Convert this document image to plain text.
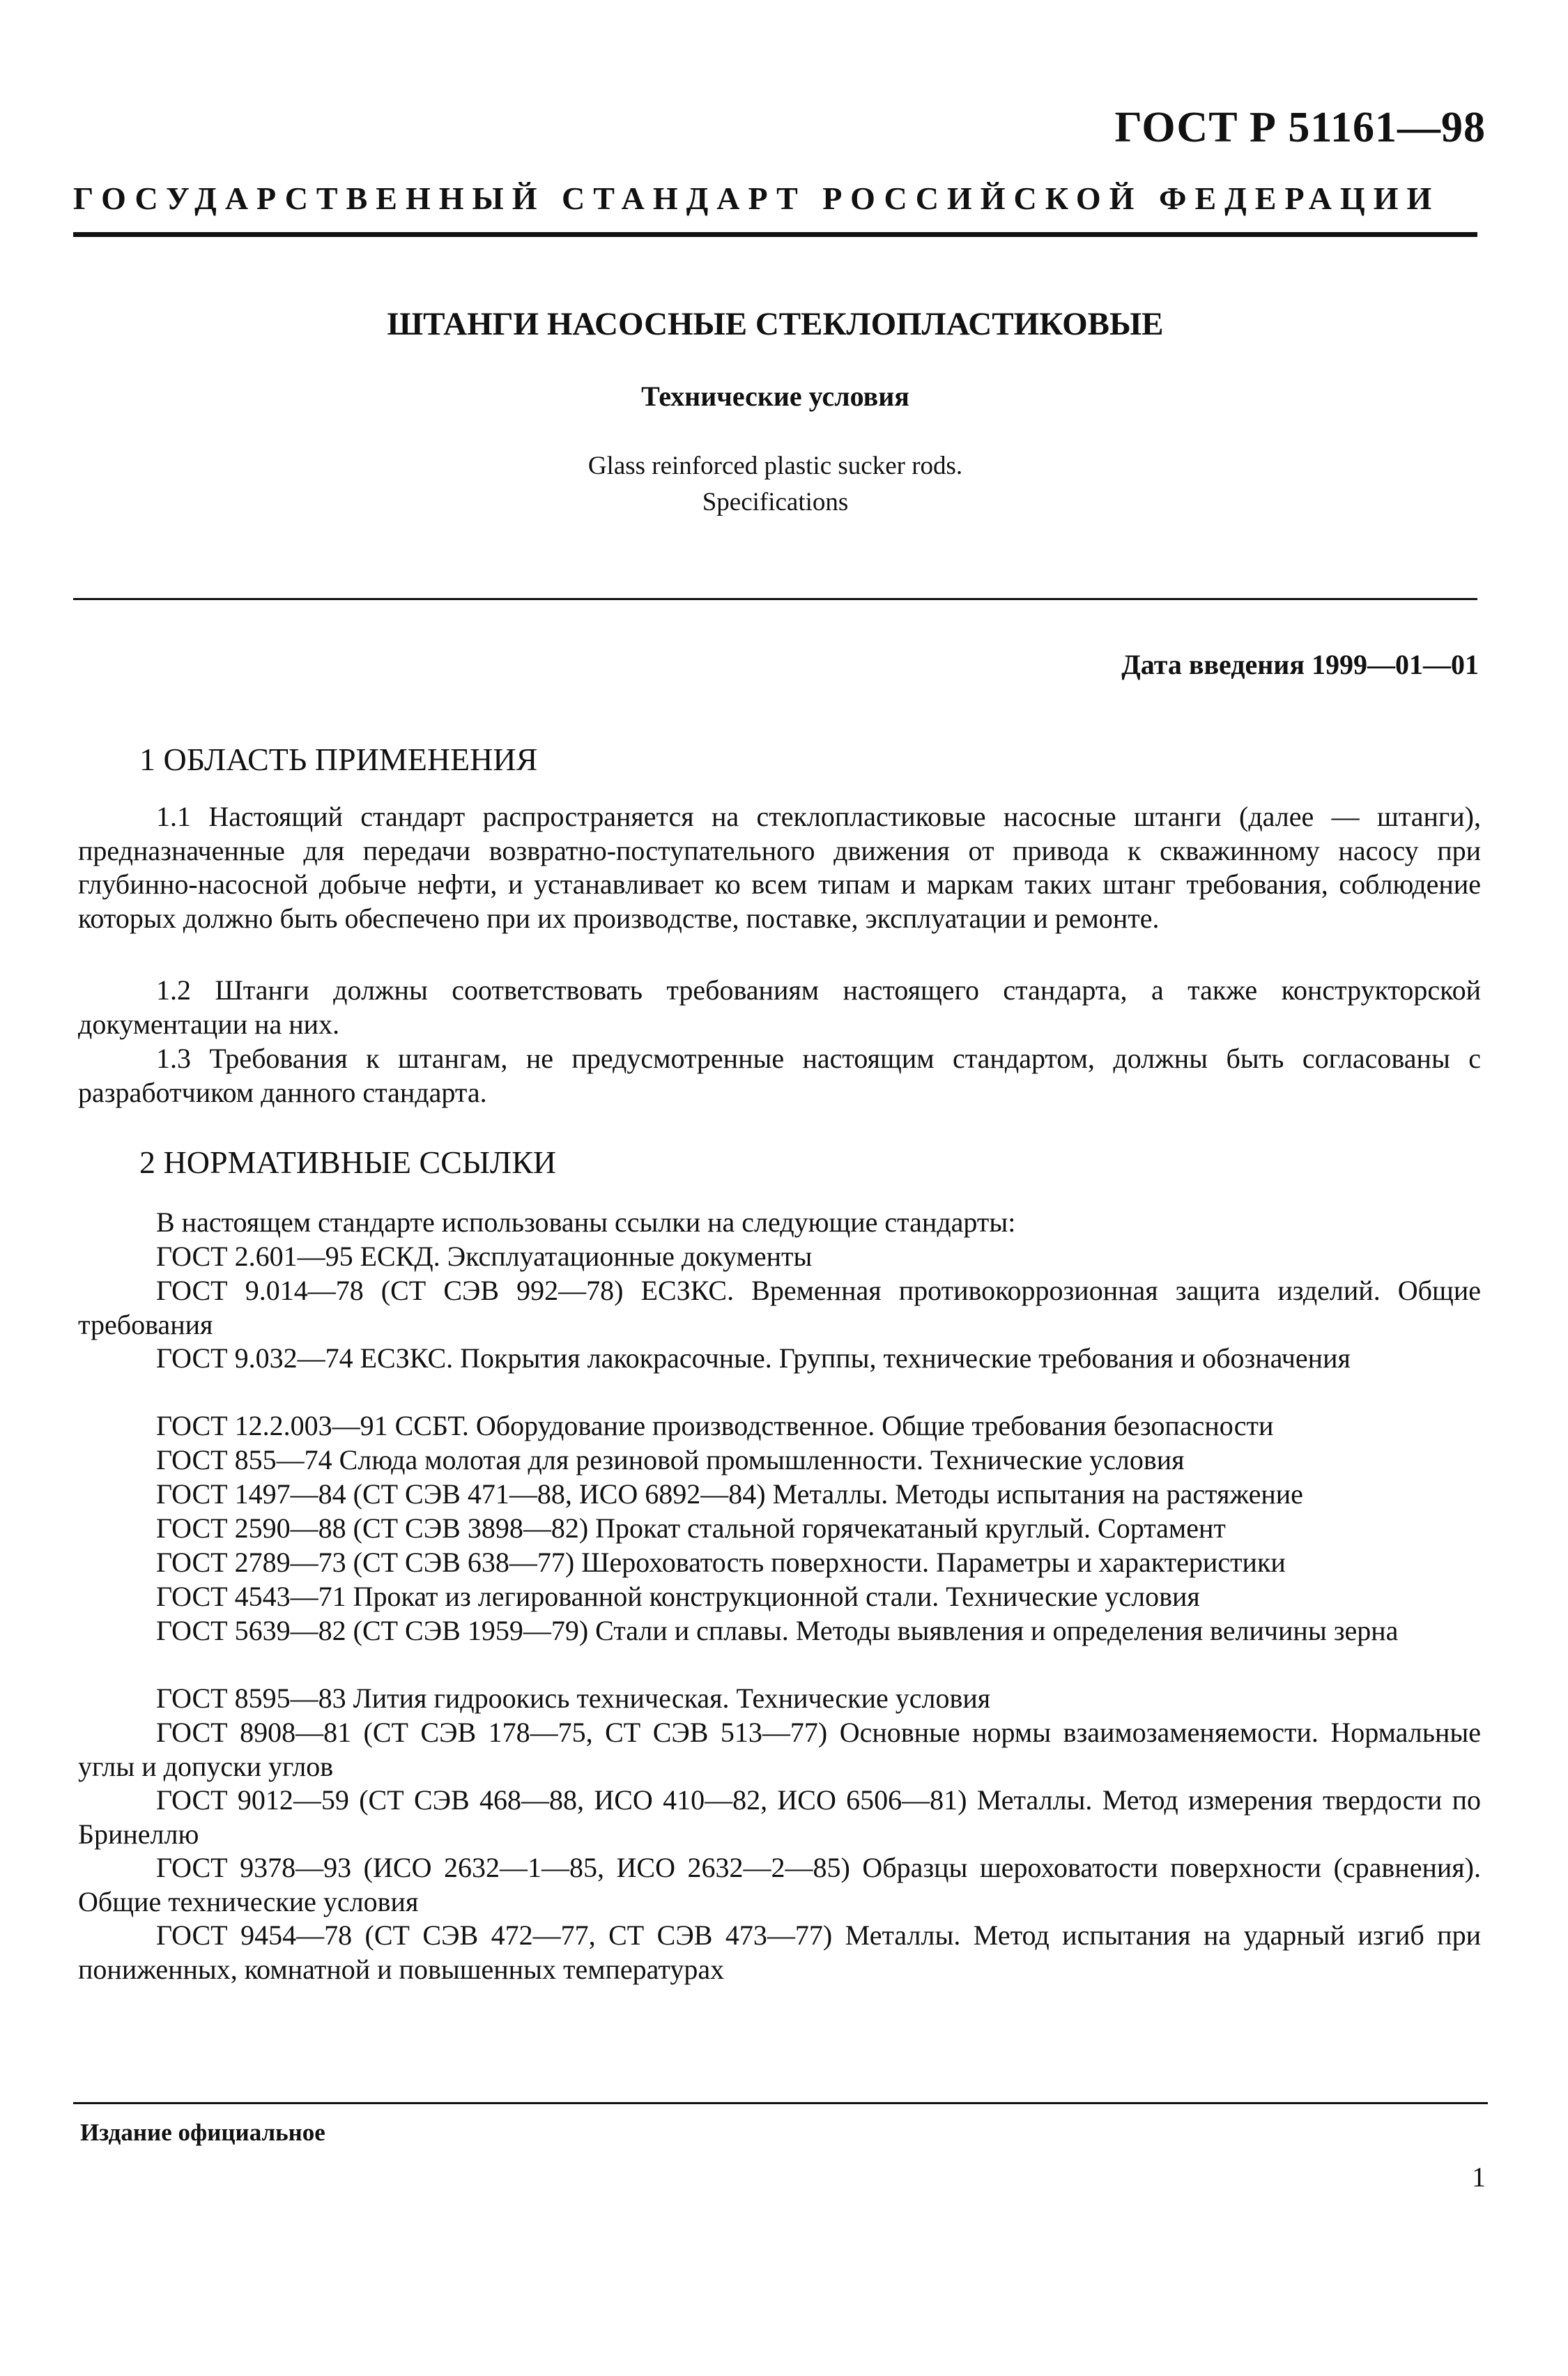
ГОСТ Р 51161—98
ГОСУДАРСТВЕННЫЙ СТАНДАРТ РОССИЙСКОЙ ФЕДЕРАЦИИ
ШТАНГИ НАСОСНЫЕ СТЕКЛОПЛАСТИКОВЫЕ
Технические условия
Glass reinforced plastic sucker rods.
Specifications
Дата введения 1999—01—01
1 ОБЛАСТЬ ПРИМЕНЕНИЯ

1.1 Настоящий стандарт распространяется на стеклопластиковые насосные штанги (далее — штанги), предназначенные для передачи возвратно-поступательного движения от привода к скважинному насосу при глубинно-насосной добыче нефти, и устанавливает ко всем типам и маркам таких штанг требования, соблюдение которых должно быть обеспечено при их производстве, поставке, эксплуатации и ремонте.

1.2 Штанги должны соответствовать требованиям настоящего стандарта, а также конструкторской документации на них.

1.3 Требования к штангам, не предусмотренные настоящим стандартом, должны быть согласованы с разработчиком данного стандарта.

2 НОРМАТИВНЫЕ ССЫЛКИ

В настоящем стандарте использованы ссылки на следующие стандарты:

ГОСТ 2.601—95 ЕСКД. Эксплуатационные документы

ГОСТ 9.014—78 (СТ СЭВ 992—78) ЕСЗКС. Временная противокоррозионная защита изделий. Общие требования

ГОСТ 9.032—74 ЕСЗКС. Покрытия лакокрасочные. Группы, технические требования и обозначения

ГОСТ 12.2.003—91 ССБТ. Оборудование производственное. Общие требования безопасности

ГОСТ 855—74 Слюда молотая для резиновой промышленности. Технические условия

ГОСТ 1497—84 (СТ СЭВ 471—88, ИСО 6892—84) Металлы. Методы испытания на растяжение

ГОСТ 2590—88 (СТ СЭВ 3898—82) Прокат стальной горячекатаный круглый. Сортамент

ГОСТ 2789—73 (СТ СЭВ 638—77) Шероховатость поверхности. Параметры и характеристики

ГОСТ 4543—71 Прокат из легированной конструкционной стали. Технические условия

ГОСТ 5639—82 (СТ СЭВ 1959—79) Стали и сплавы. Методы выявления и определения величины зерна

ГОСТ 8595—83 Лития гидроокись техническая. Технические условия

ГОСТ 8908—81 (СТ СЭВ 178—75, СТ СЭВ 513—77) Основные нормы взаимозаменяемости. Нормальные углы и допуски углов

ГОСТ 9012—59 (СТ СЭВ 468—88, ИСО 410—82, ИСО 6506—81) Металлы. Метод измерения твердости по Бринеллю

ГОСТ 9378—93 (ИСО 2632—1—85, ИСО 2632—2—85) Образцы шероховатости поверхности (сравнения). Общие технические условия

ГОСТ 9454—78 (СТ СЭВ 472—77, СТ СЭВ 473—77) Металлы. Метод испытания на ударный изгиб при пониженных, комнатной и повышенных температурах

Издание официальное
1
